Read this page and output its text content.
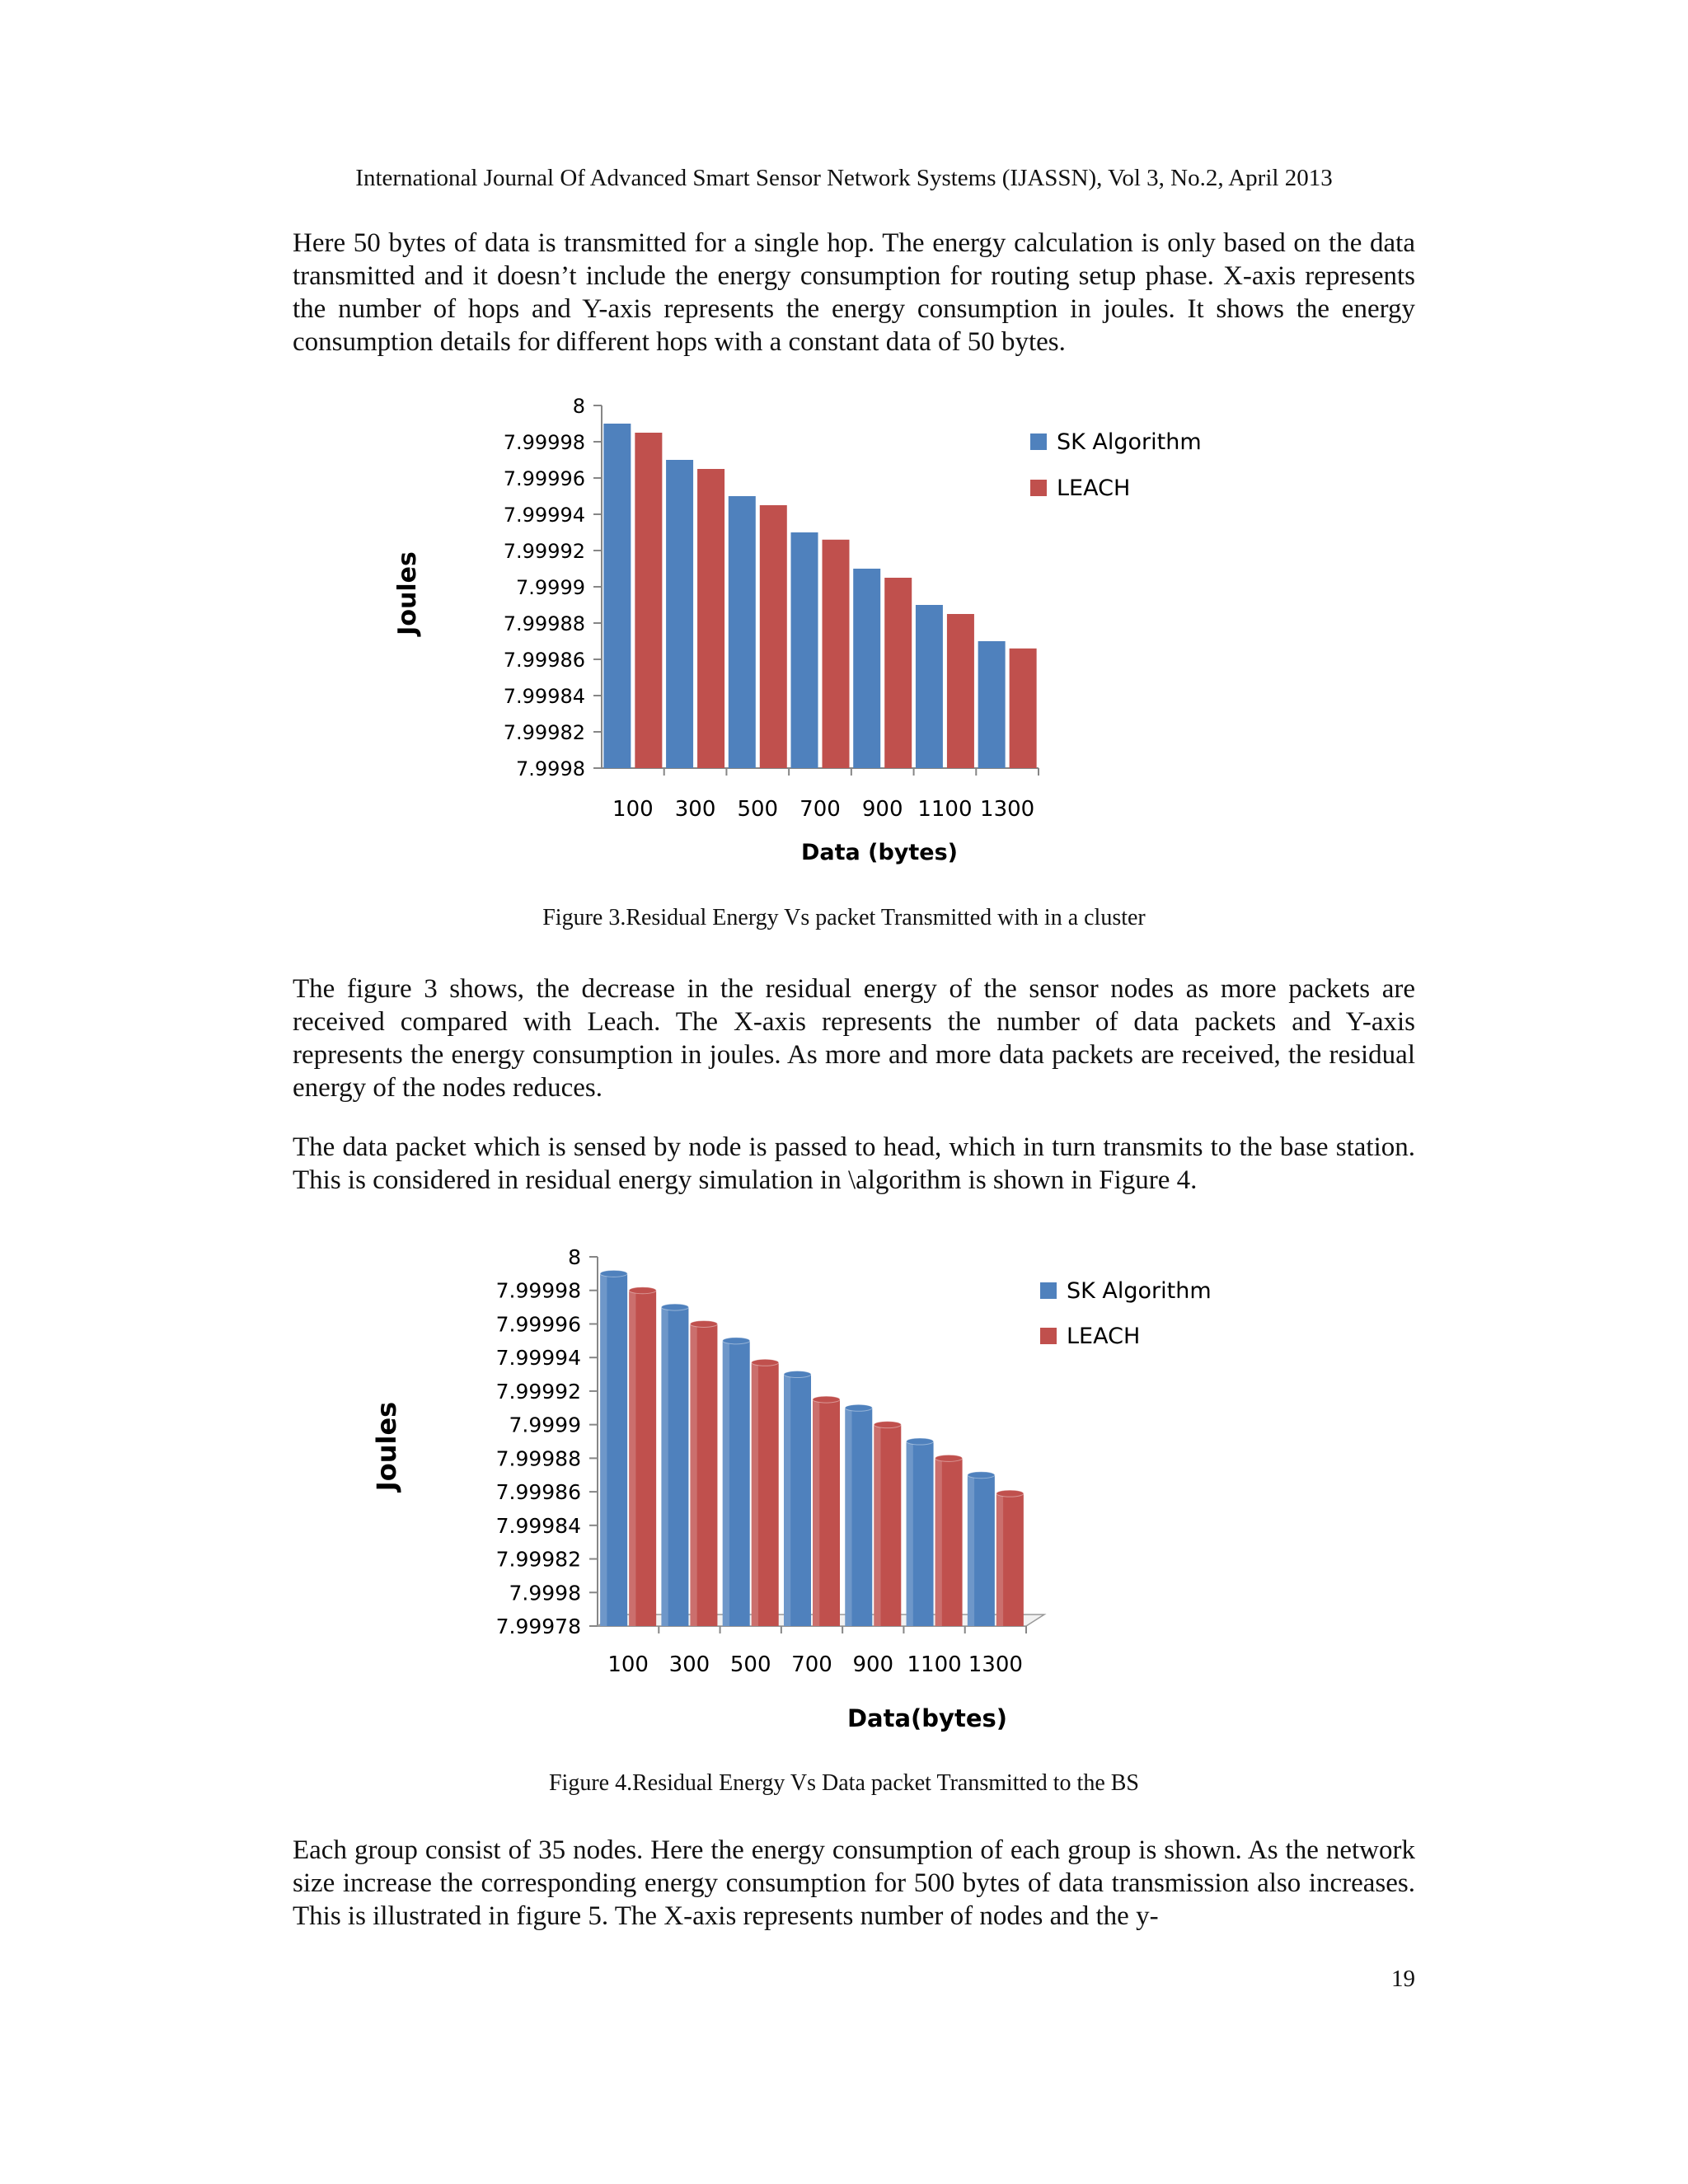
International Journal Of Advanced Smart Sensor Network Systems (IJASSN), Vol 3, No.2, April 2013

Here 50 bytes of data is transmitted for a single hop. The energy calculation is only based on the data transmitted and it doesn’t include the energy consumption for routing setup phase. X-axis represents the number of hops and Y-axis represents the energy consumption in joules. It shows the energy consumption details for different hops with a constant data of 50 bytes.

Joules
Data (bytes)
7.9998
7.99982
7.99984
7.99986
7.99988
7.9999
7.99992
7.99994
7.99996
7.99998
8
100 300 500 700 900 1100 1300
SK Algorithm
LEACH
Figure 3.Residual Energy Vs packet Transmitted with in a cluster

The figure 3 shows, the decrease in the residual energy of the sensor nodes as more packets are received compared with Leach. The X-axis represents the number of data packets and Y-axis represents the energy consumption in joules. As more and more data packets are received, the residual energy of the nodes reduces.

The data packet which is sensed by node is passed to head, which in turn transmits to the base station. This is considered in residual energy simulation in \algorithm is shown in Figure 4.

Joules
Data(bytes)
7.99978
7.9998
7.99982
7.99984
7.99986
7.99988
7.9999
7.99992
7.99994
7.99996
7.99998
8
100 300 500 700 900 1100 1300
SK Algorithm
LEACH
Figure 4.Residual Energy Vs Data packet Transmitted to the BS

Each group consist of 35 nodes. Here the energy consumption of each group is shown. As the network size increase the corresponding energy consumption for 500 bytes of data transmission also increases. This is illustrated in figure 5. The X-axis represents number of nodes and the y-

19
